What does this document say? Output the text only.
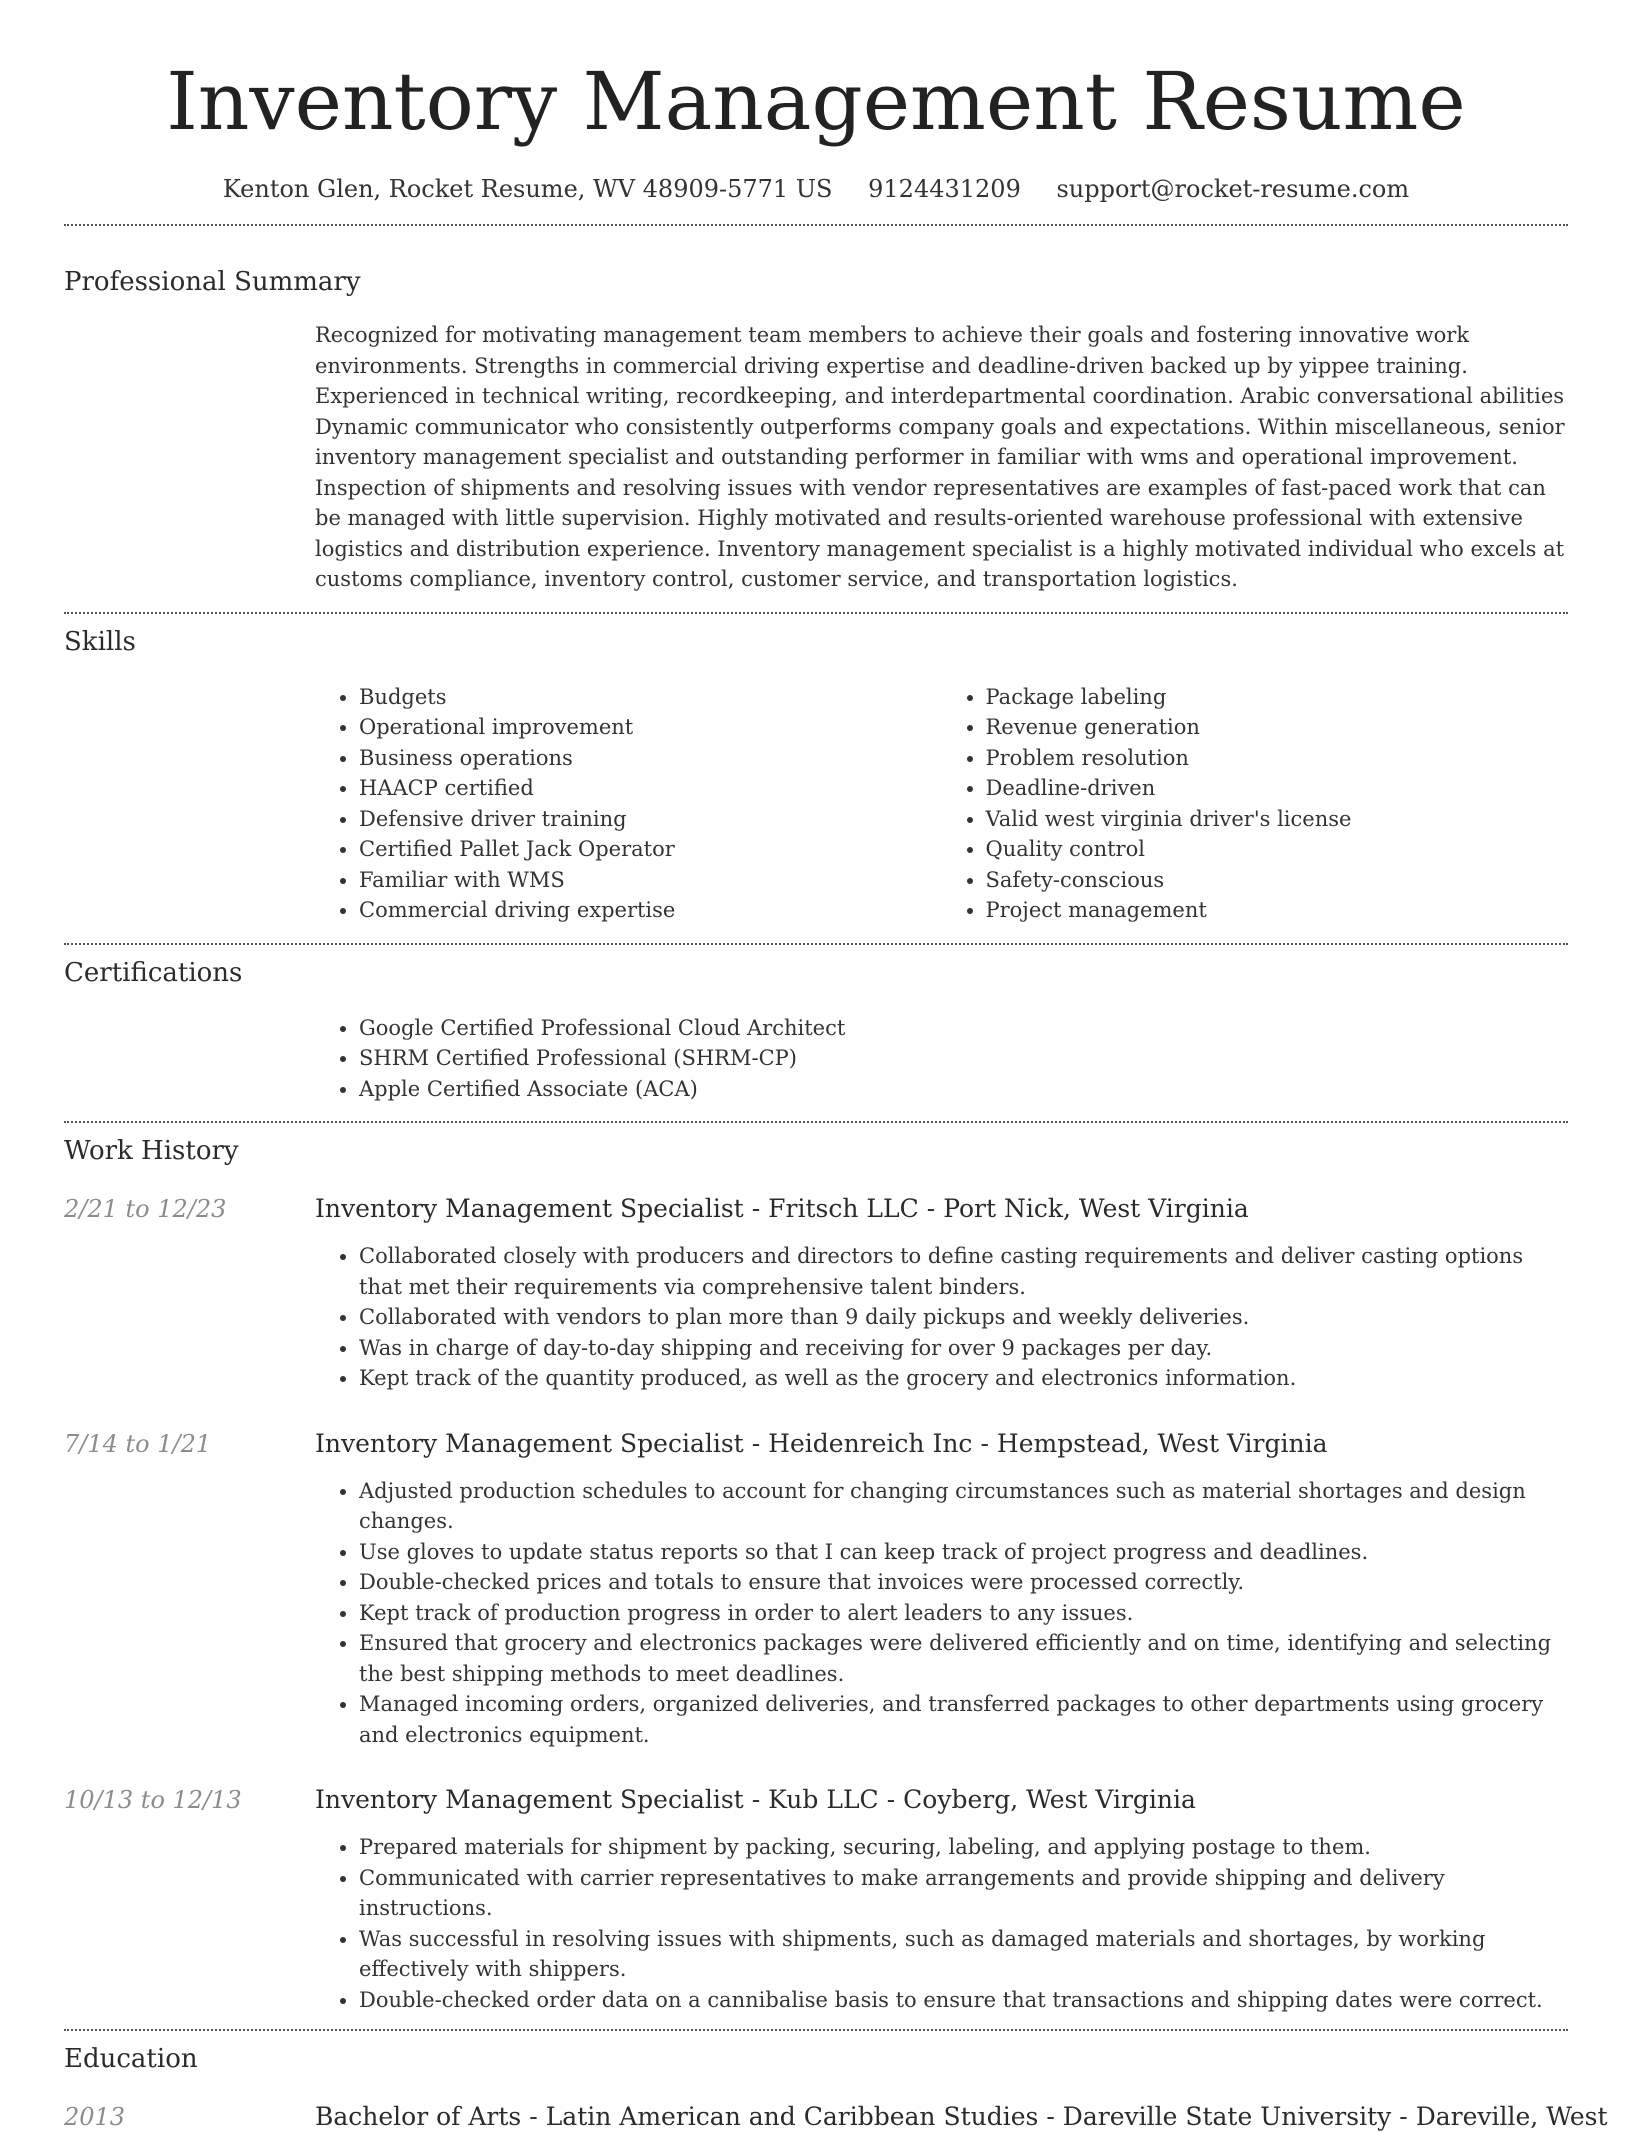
Inventory Management Resume
Kenton Glen, Rocket Resume, WV 48909-5771 US 9124431209 support@rocket-resume.com
Professional Summary
Recognized for motivating management team members to achieve their goals and fostering innovative work environments. Strengths in commercial driving expertise and deadline-driven backed up by yippee training. Experienced in technical writing, recordkeeping, and interdepartmental coordination. Arabic conversational abilities Dynamic communicator who consistently outperforms company goals and expectations. Within miscellaneous, senior inventory management specialist and outstanding performer in familiar with wms and operational improvement. Inspection of shipments and resolving issues with vendor representatives are examples of fast-paced work that can be managed with little supervision. Highly motivated and results-oriented warehouse professional with extensive logistics and distribution experience. Inventory management specialist is a highly motivated individual who excels at customs compliance, inventory control, customer service, and transportation logistics.
Skills
• Budgets
• Operational improvement
• Business operations
• HAACP certified
• Defensive driver training
• Certified Pallet Jack Operator
• Familiar with WMS
• Commercial driving expertise
• Package labeling
• Revenue generation
• Problem resolution
• Deadline-driven
• Valid west virginia driver's license
• Quality control
• Safety-conscious
• Project management
Certifications
• Google Certified Professional Cloud Architect
• SHRM Certified Professional (SHRM-CP)
• Apple Certified Associate (ACA)
Work History
2/21 to 12/23	Inventory Management Specialist - Fritsch LLC - Port Nick, West Virginia
• Collaborated closely with producers and directors to define casting requirements and deliver casting options that met their requirements via comprehensive talent binders.
• Collaborated with vendors to plan more than 9 daily pickups and weekly deliveries.
• Was in charge of day-to-day shipping and receiving for over 9 packages per day.
• Kept track of the quantity produced, as well as the grocery and electronics information.
7/14 to 1/21	Inventory Management Specialist - Heidenreich Inc - Hempstead, West Virginia
• Adjusted production schedules to account for changing circumstances such as material shortages and design changes.
• Use gloves to update status reports so that I can keep track of project progress and deadlines.
• Double-checked prices and totals to ensure that invoices were processed correctly.
• Kept track of production progress in order to alert leaders to any issues.
• Ensured that grocery and electronics packages were delivered efficiently and on time, identifying and selecting the best shipping methods to meet deadlines.
• Managed incoming orders, organized deliveries, and transferred packages to other departments using grocery and electronics equipment.
10/13 to 12/13	Inventory Management Specialist - Kub LLC - Coyberg, West Virginia
• Prepared materials for shipment by packing, securing, labeling, and applying postage to them.
• Communicated with carrier representatives to make arrangements and provide shipping and delivery instructions.
• Was successful in resolving issues with shipments, such as damaged materials and shortages, by working effectively with shippers.
• Double-checked order data on a cannibalise basis to ensure that transactions and shipping dates were correct.
Education
2013	Bachelor of Arts - Latin American and Caribbean Studies - Dareville State University - Dareville, West
